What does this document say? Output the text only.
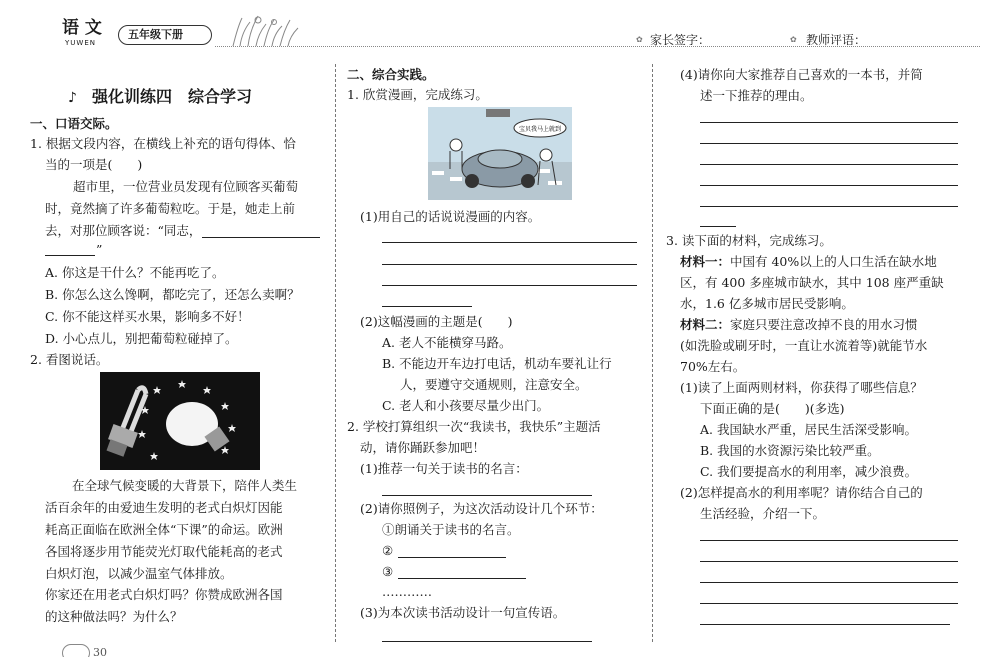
语 文
YUWEN
五年级下册	✿ 家长签字：	✿ 教师评语：
♪ 强化训练四　综合学习
一、口语交际。
1. 根据文段内容，在横线上补充的语句得体、恰
当的一项是(　　)
超市里，一位营业员发现有位顾客买葡萄
时，竟然摘了许多葡萄粒吃。于是，她走上前
去，对那位顾客说：“同志，
”
A. 你这是干什么？不能再吃了。
B. 你怎么这么馋啊，都吃完了，还怎么卖啊？
C. 你不能这样买水果，影响多不好！
D. 小心点儿，别把葡萄粒碰掉了。
2. 看图说话。
在全球气候变暖的大背景下，陪伴人类生
活百余年的由爱迪生发明的老式白炽灯因能
耗高正面临在欧洲全体“下课”的命运。欧洲
各国将逐步用节能荧光灯取代能耗高的老式
白炽灯泡，以减少温室气体排放。
你家还在用老式白炽灯吗？你赞成欧洲各国
的这种做法吗？为什么？
30
二、综合实践。
1. 欣赏漫画，完成练习。
宝贝我马上就到
(1)用自己的话说说漫画的内容。
(2)这幅漫画的主题是(　　)
A. 老人不能横穿马路。
B. 不能边开车边打电话，机动车要礼让行
人，要遵守交通规则，注意安全。
C. 老人和小孩要尽量少出门。
2. 学校打算组织一次“我读书，我快乐”主题活
动，请你踊跃参加吧！
(1)推荐一句关于读书的名言：
(2)请你照例子，为这次活动设计几个环节：
①朗诵关于读书的名言。
②
③
…………
(3)为本次读书活动设计一句宣传语。
(4)请你向大家推荐自己喜欢的一本书，并简
述一下推荐的理由。
3. 读下面的材料，完成练习。
材料一： 中国有 40%以上的人口生活在缺水地
区，有 400 多座城市缺水，其中 108 座严重缺
水，1.6 亿多城市居民受影响。
材料二： 家庭只要注意改掉不良的用水习惯
(如洗脸或刷牙时，一直让水流着等)就能节水
70%左右。
(1)读了上面两则材料，你获得了哪些信息？
下面正确的是(　　)(多选)
A. 我国缺水严重，居民生活深受影响。
B. 我国的水资源污染比较严重。
C. 我们要提高水的利用率，减少浪费。
(2)怎样提高水的利用率呢？请你结合自己的
生活经验，介绍一下。
